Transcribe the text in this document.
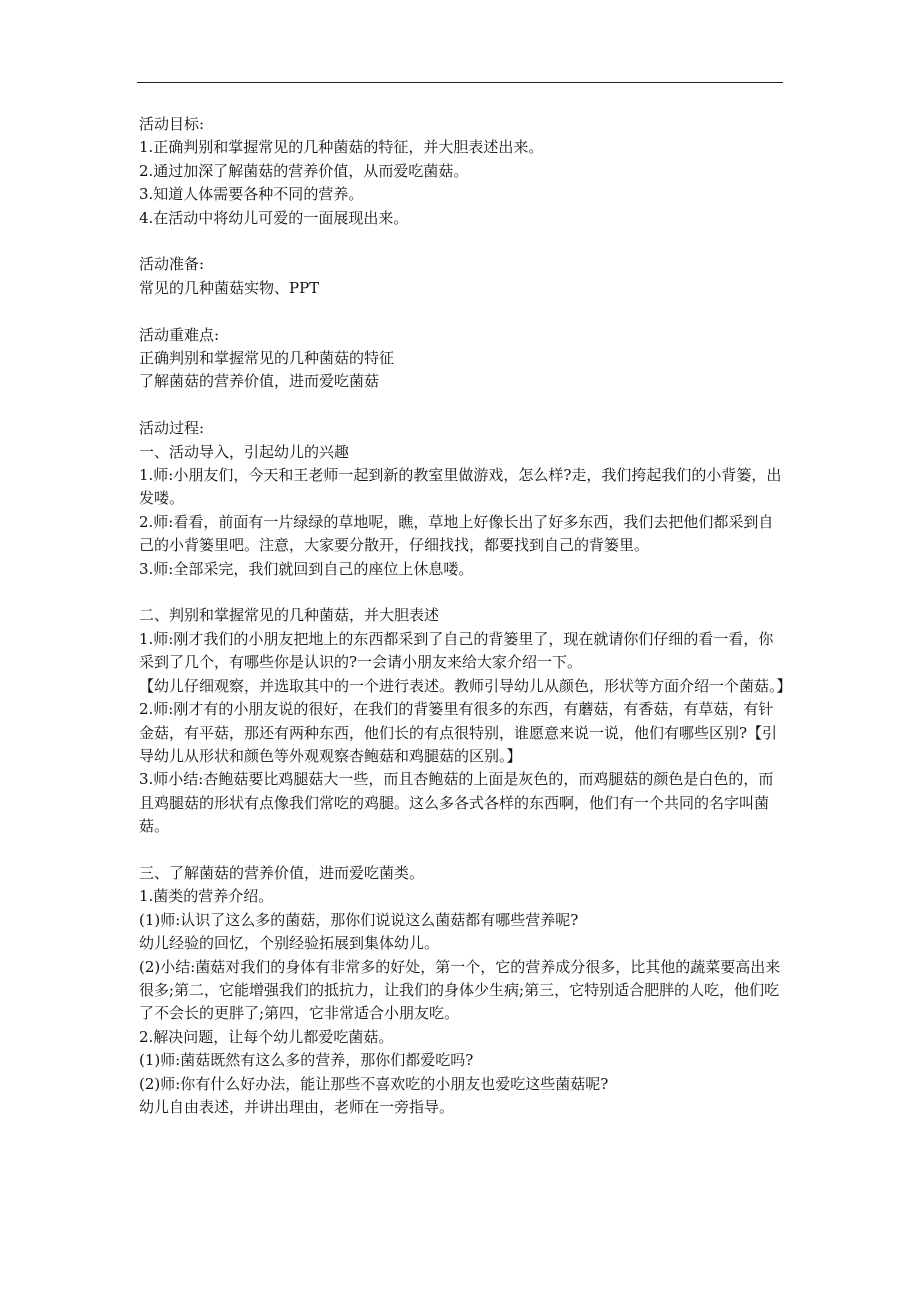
活动目标:

1.正确判别和掌握常见的几种菌菇的特征，并大胆表述出来。

2.通过加深了解菌菇的营养价值，从而爱吃菌菇。

3.知道人体需要各种不同的营养。

4.在活动中将幼儿可爱的一面展现出来。

活动准备:

常见的几种菌菇实物、PPT

活动重难点:

正确判别和掌握常见的几种菌菇的特征

了解菌菇的营养价值，进而爱吃菌菇

活动过程:

一、活动导入，引起幼儿的兴趣

1.师:小朋友们，今天和王老师一起到新的教室里做游戏，怎么样?走，我们挎起我们的小背篓，出发喽。

2.师:看看，前面有一片绿绿的草地呢，瞧，草地上好像长出了好多东西，我们去把他们都采到自己的小背篓里吧。注意，大家要分散开，仔细找找，都要找到自己的背篓里。

3.师:全部采完，我们就回到自己的座位上休息喽。

二、判别和掌握常见的几种菌菇，并大胆表述

1.师:刚才我们的小朋友把地上的东西都采到了自己的背篓里了，现在就请你们仔细的看一看，你采到了几个，有哪些你是认识的?一会请小朋友来给大家介绍一下。

【幼儿仔细观察，并选取其中的一个进行表述。教师引导幼儿从颜色，形状等方面介绍一个菌菇。】

2.师:刚才有的小朋友说的很好，在我们的背篓里有很多的东西，有蘑菇，有香菇，有草菇，有针金菇，有平菇，那还有两种东西，他们长的有点很特别，谁愿意来说一说，他们有哪些区别?【引导幼儿从形状和颜色等外观观察杏鲍菇和鸡腿菇的区别。】

3.师小结:杏鲍菇要比鸡腿菇大一些，而且杏鲍菇的上面是灰色的，而鸡腿菇的颜色是白色的，而且鸡腿菇的形状有点像我们常吃的鸡腿。这么多各式各样的东西啊，他们有一个共同的名字叫菌菇。

三、了解菌菇的营养价值，进而爱吃菌类。

1.菌类的营养介绍。

(1)师:认识了这么多的菌菇，那你们说说这么菌菇都有哪些营养呢?

幼儿经验的回忆，个别经验拓展到集体幼儿。

(2)小结:菌菇对我们的身体有非常多的好处，第一个，它的营养成分很多，比其他的蔬菜要高出来很多;第二，它能增强我们的抵抗力，让我们的身体少生病;第三，它特别适合肥胖的人吃，他们吃了不会长的更胖了;第四，它非常适合小朋友吃。

2.解决问题，让每个幼儿都爱吃菌菇。

(1)师:菌菇既然有这么多的营养，那你们都爱吃吗?

(2)师:你有什么好办法，能让那些不喜欢吃的小朋友也爱吃这些菌菇呢?

幼儿自由表述，并讲出理由，老师在一旁指导。
